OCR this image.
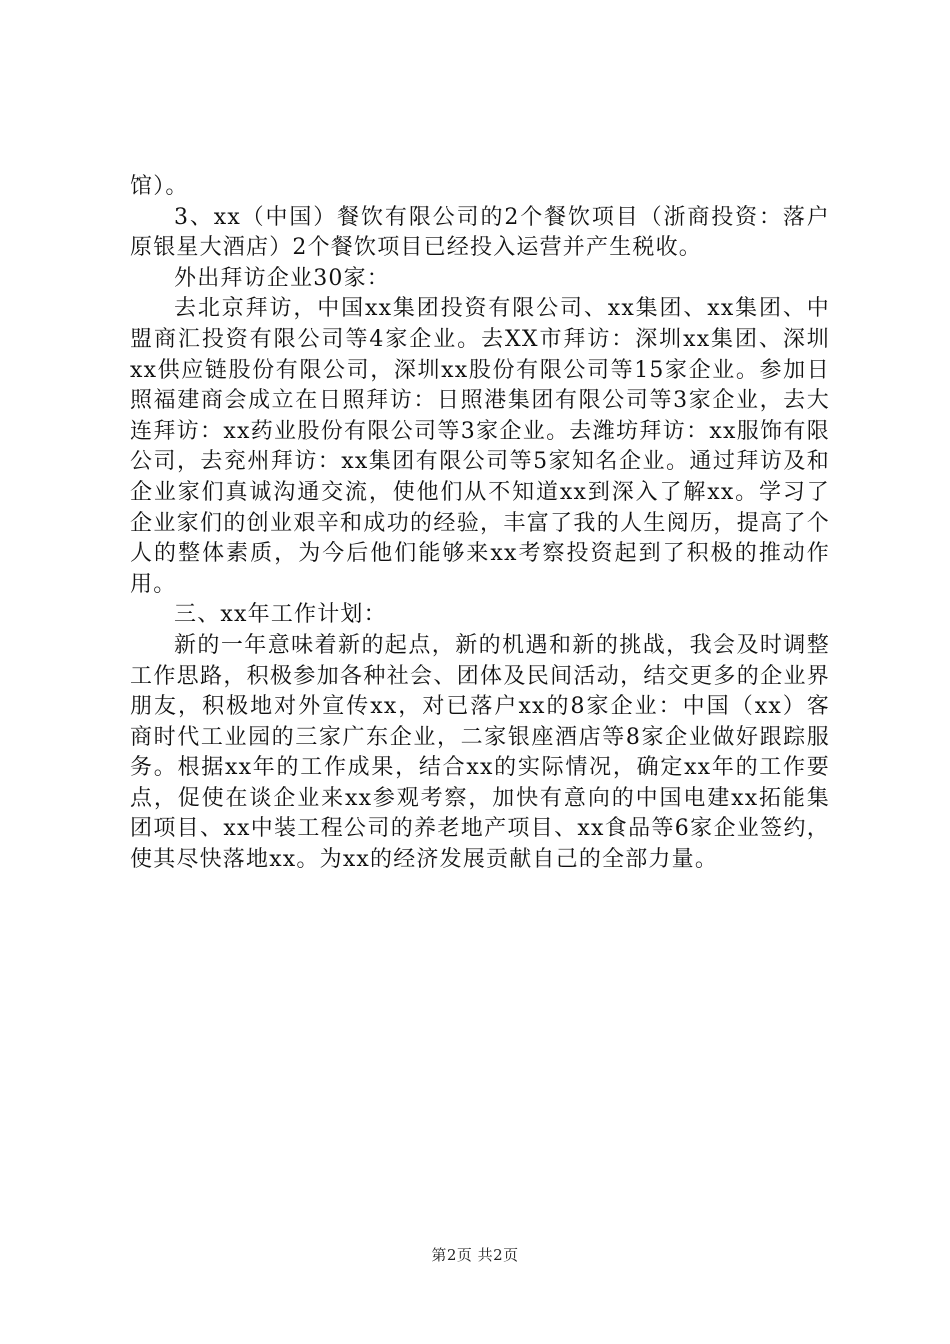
馆）。

3、xx（中国）餐饮有限公司的2个餐饮项目（浙商投资：落户原银星大酒店）2个餐饮项目已经投入运营并产生税收。

外出拜访企业30家：

去北京拜访，中国xx集团投资有限公司、xx集团、xx集团、中盟商汇投资有限公司等4家企业。去XX市拜访：深圳xx集团、深圳xx供应链股份有限公司，深圳xx股份有限公司等15家企业。参加日照福建商会成立在日照拜访：日照港集团有限公司等3家企业，去大连拜访：xx药业股份有限公司等3家企业。去潍坊拜访：xx服饰有限公司，去兖州拜访：xx集团有限公司等5家知名企业。通过拜访及和企业家们真诚沟通交流，使他们从不知道xx到深入了解xx。学习了企业家们的创业艰辛和成功的经验，丰富了我的人生阅历，提高了个人的整体素质，为今后他们能够来xx考察投资起到了积极的推动作用。

三、xx年工作计划：

新的一年意味着新的起点，新的机遇和新的挑战，我会及时调整工作思路，积极参加各种社会、团体及民间活动，结交更多的企业界朋友，积极地对外宣传xx，对已落户xx的8家企业：中国（xx）客商时代工业园的三家广东企业，二家银座酒店等8家企业做好跟踪服务。根据xx年的工作成果，结合xx的实际情况，确定xx年的工作要点，促使在谈企业来xx参观考察，加快有意向的中国电建xx拓能集团项目、xx中装工程公司的养老地产项目、xx食品等6家企业签约，使其尽快落地xx。为xx的经济发展贡献自己的全部力量。

第2页 共2页
